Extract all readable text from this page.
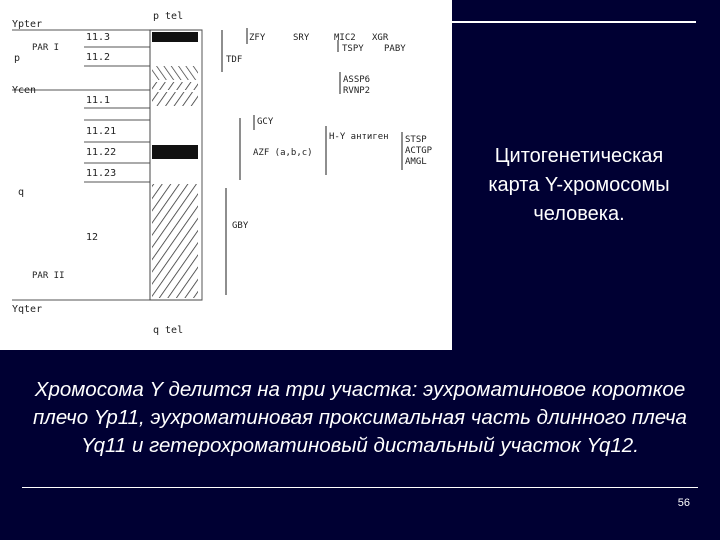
Ypter
PAR I
p
Ycen
q
PAR II
Yqter
11.3
11.2
11.1
11.21
11.22
11.23
12
p tel
q tel
ZFY	SRY	MIC2 XGR
TSPY PABY
TDF
ASSP6
RVNP2
GCY
H-Y антиген
AZF (a,b,c)
STSP
ACTGP
AMGL
GBY
Цитогенетическая карта Y-хромосомы человека.
Хромосома Y делится на три участка: эухроматиновое короткое плечо Yp11, эухроматиновая проксимальная часть длинного плеча Yq11 и гетерохроматиновый дистальный участок Yq12.
56
